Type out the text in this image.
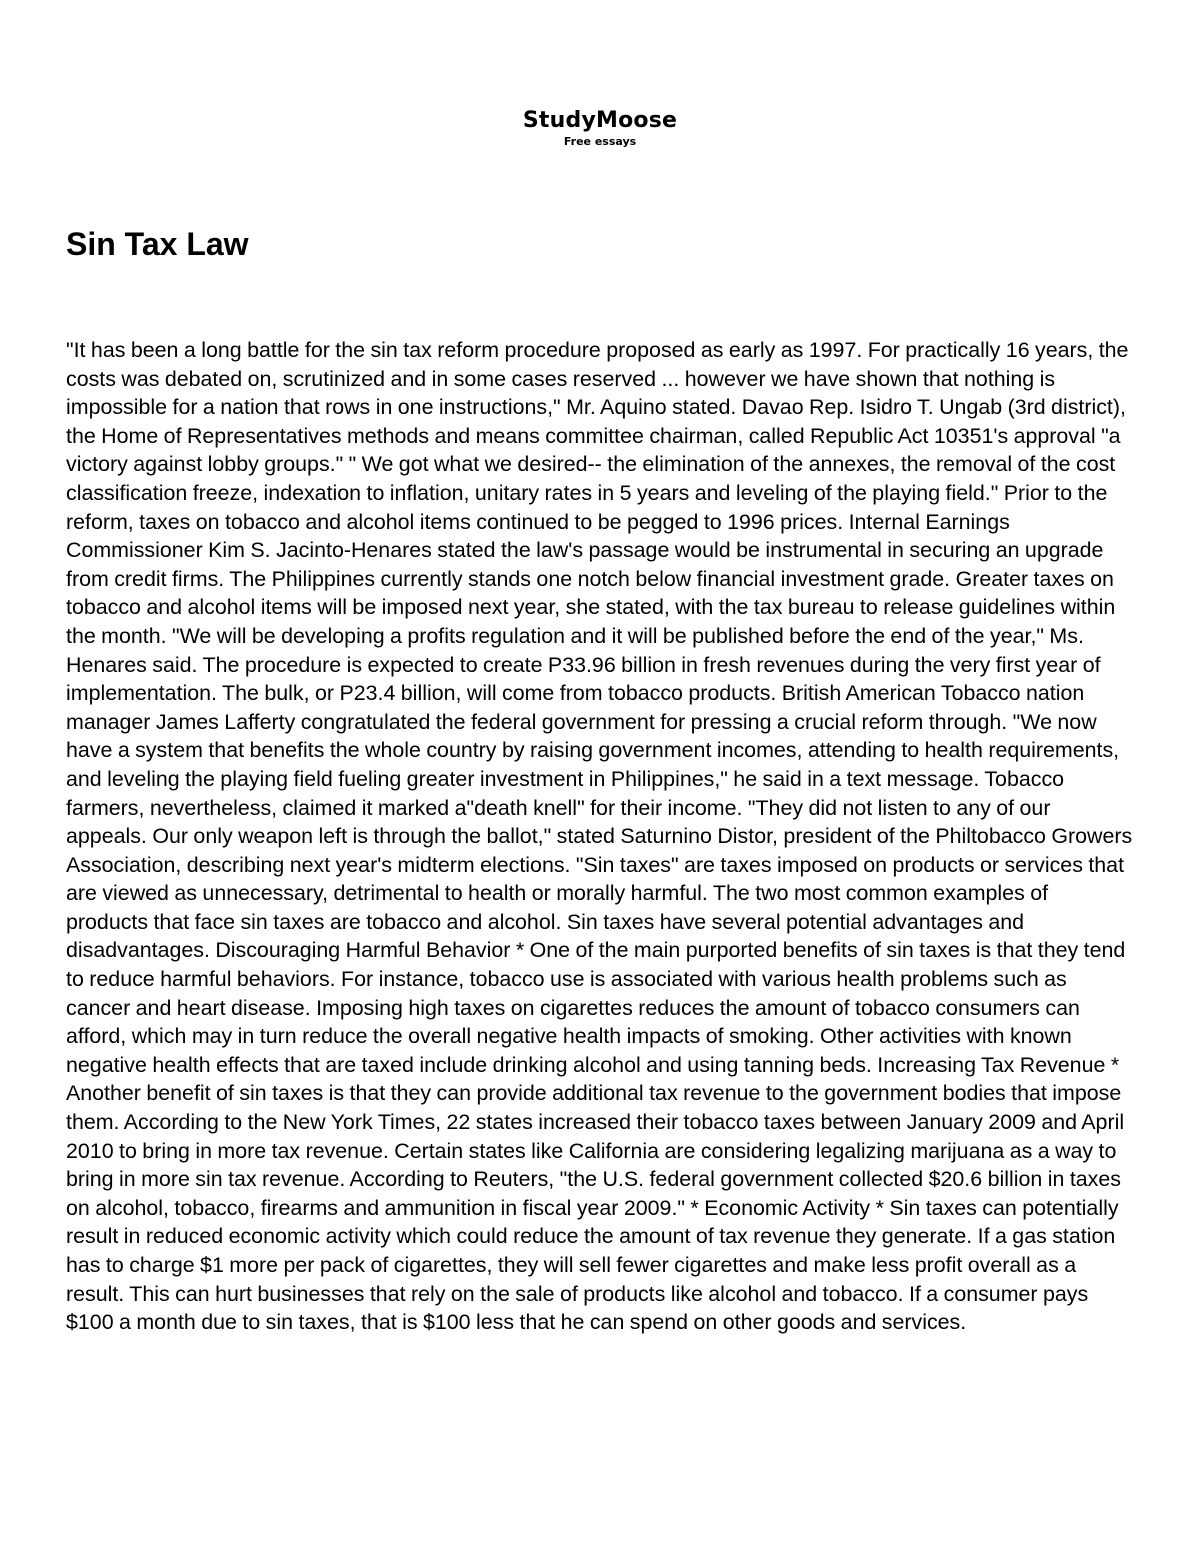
StudyMoose
Free essays
Sin Tax Law

"It has been a long battle for the sin tax reform procedure proposed as early as 1997. For practically 16 years, the costs was debated on, scrutinized and in some cases reserved ... however we have shown that nothing is impossible for a nation that rows in one instructions," Mr. Aquino stated. Davao Rep. Isidro T. Ungab (3rd district), the Home of Representatives methods and means committee chairman, called Republic Act 10351's approval "a victory against lobby groups." " We got what we desired-- the elimination of the annexes, the removal of the cost classification freeze, indexation to inflation, unitary rates in 5 years and leveling of the playing field." Prior to the reform, taxes on tobacco and alcohol items continued to be pegged to 1996 prices. Internal Earnings Commissioner Kim S. Jacinto-Henares stated the law's passage would be instrumental in securing an upgrade from credit firms. The Philippines currently stands one notch below financial investment grade. Greater taxes on tobacco and alcohol items will be imposed next year, she stated, with the tax bureau to release guidelines within the month. "We will be developing a profits regulation and it will be published before the end of the year," Ms. Henares said. The procedure is expected to create P33.96 billion in fresh revenues during the very first year of implementation. The bulk, or P23.4 billion, will come from tobacco products. British American Tobacco nation manager James Lafferty congratulated the federal government for pressing a crucial reform through. "We now have a system that benefits the whole country by raising government incomes, attending to health requirements, and leveling the playing field fueling greater investment in Philippines," he said in a text message. Tobacco farmers, nevertheless, claimed it marked a"death knell" for their income. "They did not listen to any of our appeals. Our only weapon left is through the ballot," stated Saturnino Distor, president of the Philtobacco Growers Association, describing next year's midterm elections. "Sin taxes" are taxes imposed on products or services that are viewed as unnecessary, detrimental to health or morally harmful. The two most common examples of products that face sin taxes are tobacco and alcohol. Sin taxes have several potential advantages and disadvantages. Discouraging Harmful Behavior * One of the main purported benefits of sin taxes is that they tend to reduce harmful behaviors. For instance, tobacco use is associated with various health problems such as cancer and heart disease. Imposing high taxes on cigarettes reduces the amount of tobacco consumers can afford, which may in turn reduce the overall negative health impacts of smoking. Other activities with known negative health effects that are taxed include drinking alcohol and using tanning beds. Increasing Tax Revenue * Another benefit of sin taxes is that they can provide additional tax revenue to the government bodies that impose them. According to the New York Times, 22 states increased their tobacco taxes between January 2009 and April 2010 to bring in more tax revenue. Certain states like California are considering legalizing marijuana as a way to bring in more sin tax revenue. According to Reuters, "the U.S. federal government collected $20.6 billion in taxes on alcohol, tobacco, firearms and ammunition in fiscal year 2009." * Economic Activity * Sin taxes can potentially result in reduced economic activity which could reduce the amount of tax revenue they generate. If a gas station has to charge $1 more per pack of cigarettes, they will sell fewer cigarettes and make less profit overall as a result. This can hurt businesses that rely on the sale of products like alcohol and tobacco. If a consumer pays $100 a month due to sin taxes, that is $100 less that he can spend on other goods and services.
